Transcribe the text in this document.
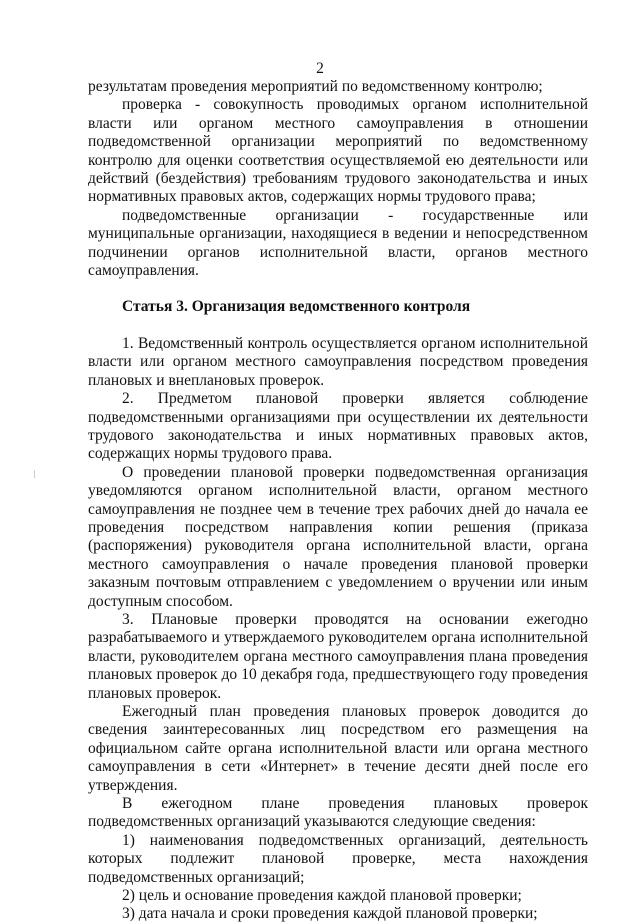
2

результатам проведения мероприятий по ведомственному контролю;

проверка - совокупность проводимых органом исполнительной власти или органом местного самоуправления в отношении подведомственной организации мероприятий по ведомственному контролю для оценки соответствия осуществляемой ею деятельности или действий (бездействия) требованиям трудового законодательства и иных нормативных правовых актов, содержащих нормы трудового права;

подведомственные организации - государственные или муниципальные организации, находящиеся в ведении и непосредственном подчинении органов исполнительной власти, органов местного самоуправления.

Статья 3. Организация ведомственного контроля

1. Ведомственный контроль осуществляется органом исполнительной власти или органом местного самоуправления посредством проведения плановых и внеплановых проверок.

2. Предметом плановой проверки является соблюдение подведомственными организациями при осуществлении их деятельности трудового законодательства и иных нормативных правовых актов, содержащих нормы трудового права.

О проведении плановой проверки подведомственная организация уведомляются органом исполнительной власти, органом местного самоуправления не позднее чем в течение трех рабочих дней до начала ее проведения посредством направления копии решения (приказа (распоряжения) руководителя органа исполнительной власти, органа местного самоуправления о начале проведения плановой проверки заказным почтовым отправлением с уведомлением о вручении или иным доступным способом.

3. Плановые проверки проводятся на основании ежегодно разрабатываемого и утверждаемого руководителем органа исполнительной власти, руководителем органа местного самоуправления плана проведения плановых проверок до 10 декабря года, предшествующего году проведения плановых проверок.

Ежегодный план проведения плановых проверок доводится до сведения заинтересованных лиц посредством его размещения на официальном сайте органа исполнительной власти или органа местного самоуправления в сети «Интернет» в течение десяти дней после его утверждения.

В ежегодном плане проведения плановых проверок подведомственных организаций указываются следующие сведения:

1) наименования подведомственных организаций, деятельность которых подлежит плановой проверке, места нахождения подведомственных организаций;

2) цель и основание проведения каждой плановой проверки;

3) дата начала и сроки проведения каждой плановой проверки;
